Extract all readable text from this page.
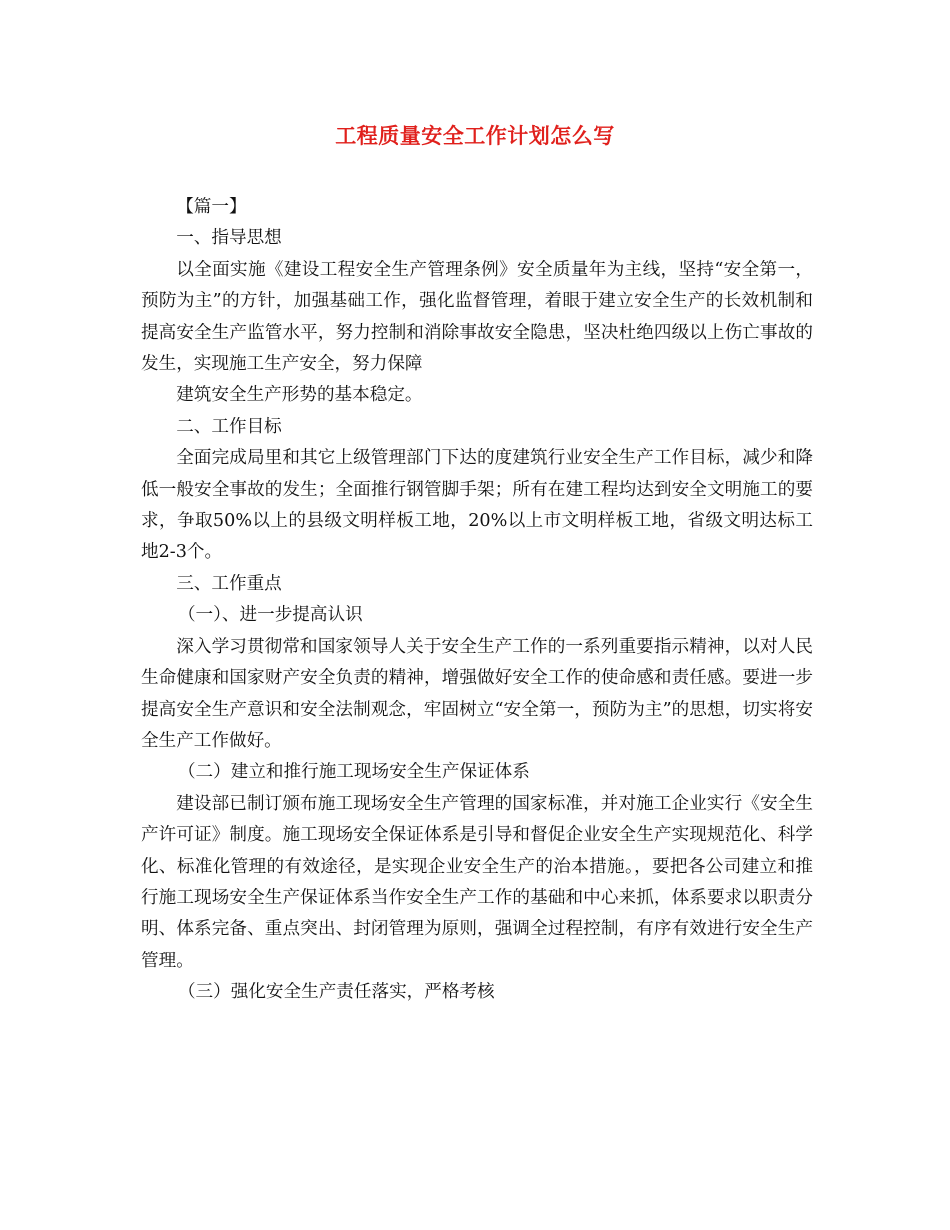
工程质量安全工作计划怎么写

【篇一】

一、指导思想

以全面实施《建设工程安全生产管理条例》安全质量年为主线，坚持“安全第一，预防为主”的方针，加强基础工作，强化监督管理，着眼于建立安全生产的长效机制和提高安全生产监管水平，努力控制和消除事故安全隐患，坚决杜绝四级以上伤亡事故的发生，实现施工生产安全，努力保障

建筑安全生产形势的基本稳定。

二、工作目标

全面完成局里和其它上级管理部门下达的度建筑行业安全生产工作目标，减少和降低一般安全事故的发生；全面推行钢管脚手架；所有在建工程均达到安全文明施工的要求，争取50%以上的县级文明样板工地，20%以上市文明样板工地，省级文明达标工地2-3个。

三、工作重点

（一）、进一步提高认识

深入学习贯彻常和国家领导人关于安全生产工作的一系列重要指示精神，以对人民生命健康和国家财产安全负责的精神，增强做好安全工作的使命感和责任感。要进一步提高安全生产意识和安全法制观念，牢固树立“安全第一，预防为主”的思想，切实将安全生产工作做好。

（二）建立和推行施工现场安全生产保证体系

建设部已制订颁布施工现场安全生产管理的国家标准，并对施工企业实行《安全生产许可证》制度。施工现场安全保证体系是引导和督促企业安全生产实现规范化、科学化、标准化管理的有效途径，是实现企业安全生产的治本措施。，要把各公司建立和推行施工现场安全生产保证体系当作安全生产工作的基础和中心来抓，体系要求以职责分明、体系完备、重点突出、封闭管理为原则，强调全过程控制，有序有效进行安全生产管理。

（三）强化安全生产责任落实，严格考核
